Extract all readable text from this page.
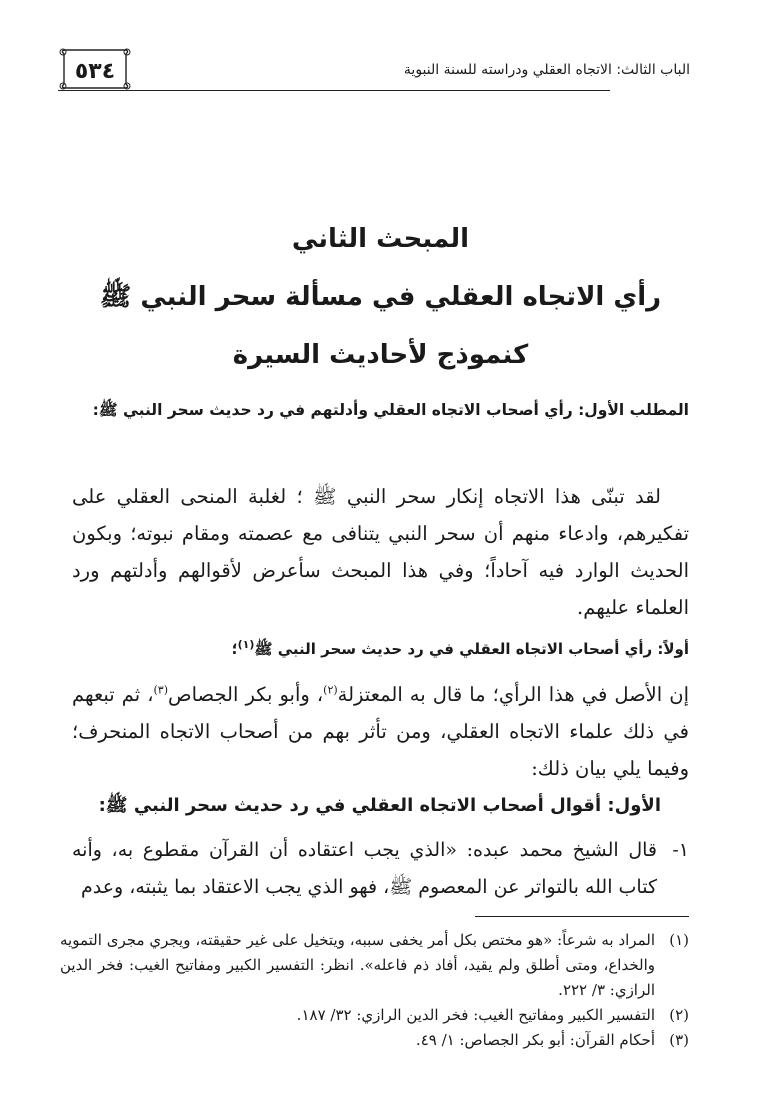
الباب الثالث: الاتجاه العقلي ودراسته للسنة النبوية
٥٣٤
المبحث الثاني
رأي الاتجاه العقلي في مسألة سحر النبي ﷺ
كنموذج لأحاديث السيرة
المطلب الأول: رأي أصحاب الاتجاه العقلي وأدلتهم في رد حديث سحر النبي ﷺ:
لقد تبنّى هذا الاتجاه إنكار سحر النبي ﷺ ؛ لغلبة المنحى العقلي على تفكيرهم، وادعاء منهم أن سحر النبي يتنافى مع عصمته ومقام نبوته؛ وبكون الحديث الوارد فيه آحاداً؛ وفي هذا المبحث سأعرض لأقوالهم وأدلتهم ورد العلماء عليهم.
أولاً: رأي أصحاب الاتجاه العقلي في رد حديث سحر النبي ﷺ$^{(١)}$؛
إن الأصل في هذا الرأي؛ ما قال به المعتزلة$^{(٢)}$، وأبو بكر الجصاص$^{(٣)}$، ثم تبعهم في ذلك علماء الاتجاه العقلي، ومن تأثر بهم من أصحاب الاتجاه المنحرف؛ وفيما يلي بيان ذلك:
الأول: أقوال أصحاب الاتجاه العقلي في رد حديث سحر النبي ﷺ:
١-
قال الشيخ محمد عبده: «الذي يجب اعتقاده أن القرآن مقطوع به، وأنه كتاب الله بالتواتر عن المعصوم ﷺ، فهو الذي يجب الاعتقاد بما يثبته، وعدم
(١)
المراد به شرعاً: «هو مختص بكل أمر يخفى سببه، ويتخيل على غير حقيقته، ويجري مجرى التمويه والخداع، ومتى أطلق ولم يقيد، أفاد ذم فاعله». انظر: التفسير الكبير ومفاتيح الغيب: فخر الدين الرازي: ٣/ ٢٢٢.
(٢)
التفسير الكبير ومفاتيح الغيب: فخر الدين الرازي: ٣٢/ ١٨٧.
(٣)
أحكام القرآن: أبو بكر الجصاص: ١/ ٤٩.
